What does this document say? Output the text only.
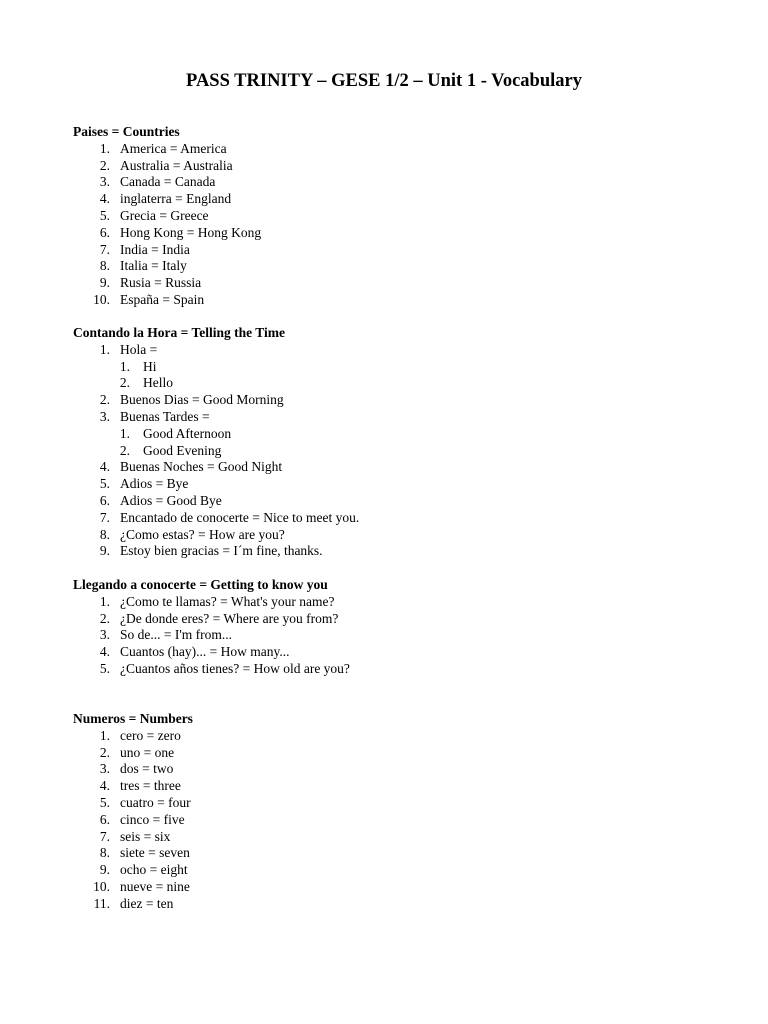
PASS TRINITY – GESE 1/2 – Unit 1 - Vocabulary
Paises = Countries
1. America = America
2. Australia = Australia
3. Canada = Canada
4. inglaterra = England
5. Grecia = Greece
6. Hong Kong = Hong Kong
7. India = India
8. Italia = Italy
9. Rusia = Russia
10. España = Spain
Contando la Hora = Telling the Time
1. Hola =
1. Hi
2. Hello
2. Buenos Dias = Good Morning
3. Buenas Tardes =
1. Good Afternoon
2. Good Evening
4. Buenas Noches = Good Night
5. Adios = Bye
6. Adios = Good Bye
7. Encantado de conocerte = Nice to meet you.
8. ¿Como estas? = How are you?
9. Estoy bien gracias = I´m fine, thanks.
Llegando a conocerte = Getting to know you
1. ¿Como te llamas? = What's your name?
2. ¿De donde eres? = Where are you from?
3. So de... = I'm from...
4. Cuantos (hay)... = How many...
5. ¿Cuantos años tienes? = How old are you?
Numeros = Numbers
1. cero = zero
2. uno = one
3. dos = two
4. tres = three
5. cuatro = four
6. cinco = five
7. seis = six
8. siete = seven
9. ocho = eight
10. nueve = nine
11. diez = ten
